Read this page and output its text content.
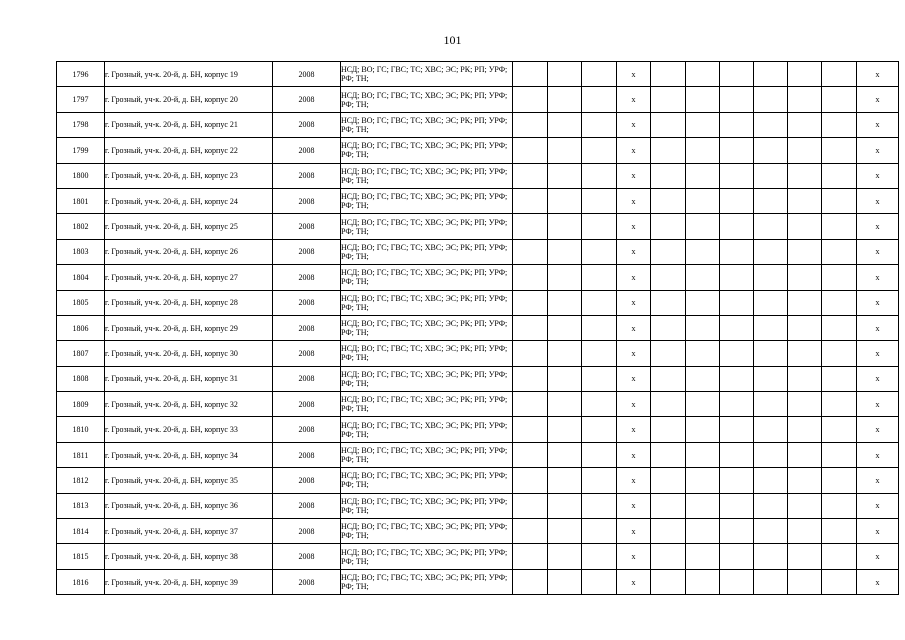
101
1796	г. Грозный, уч-к. 20-й, д. БН, корпус 19	2008	НСД; ВО; ГС; ГВС; ТС; ХВС; ЭС; РК; РП; УРФ; РФ; ТН;				х							х
1797	г. Грозный, уч-к. 20-й, д. БН, корпус 20	2008	НСД; ВО; ГС; ГВС; ТС; ХВС; ЭС; РК; РП; УРФ; РФ; ТН;				х							х
1798	г. Грозный, уч-к. 20-й, д. БН, корпус 21	2008	НСД; ВО; ГС; ГВС; ТС; ХВС; ЭС; РК; РП; УРФ; РФ; ТН;				х							х
1799	г. Грозный, уч-к. 20-й, д. БН, корпус 22	2008	НСД; ВО; ГС; ГВС; ТС; ХВС; ЭС; РК; РП; УРФ; РФ; ТН;				х							х
1800	г. Грозный, уч-к. 20-й, д. БН, корпус 23	2008	НСД; ВО; ГС; ГВС; ТС; ХВС; ЭС; РК; РП; УРФ; РФ; ТН;				х							х
1801	г. Грозный, уч-к. 20-й, д. БН, корпус 24	2008	НСД; ВО; ГС; ГВС; ТС; ХВС; ЭС; РК; РП; УРФ; РФ; ТН;				х							х
1802	г. Грозный, уч-к. 20-й, д. БН, корпус 25	2008	НСД; ВО; ГС; ГВС; ТС; ХВС; ЭС; РК; РП; УРФ; РФ; ТН;				х							х
1803	г. Грозный, уч-к. 20-й, д. БН, корпус 26	2008	НСД; ВО; ГС; ГВС; ТС; ХВС; ЭС; РК; РП; УРФ; РФ; ТН;				х							х
1804	г. Грозный, уч-к. 20-й, д. БН, корпус 27	2008	НСД; ВО; ГС; ГВС; ТС; ХВС; ЭС; РК; РП; УРФ; РФ; ТН;				х							х
1805	г. Грозный, уч-к. 20-й, д. БН, корпус 28	2008	НСД; ВО; ГС; ГВС; ТС; ХВС; ЭС; РК; РП; УРФ; РФ; ТН;				х							х
1806	г. Грозный, уч-к. 20-й, д. БН, корпус 29	2008	НСД; ВО; ГС; ГВС; ТС; ХВС; ЭС; РК; РП; УРФ; РФ; ТН;				х							х
1807	г. Грозный, уч-к. 20-й, д. БН, корпус 30	2008	НСД; ВО; ГС; ГВС; ТС; ХВС; ЭС; РК; РП; УРФ; РФ; ТН;				х							х
1808	г. Грозный, уч-к. 20-й, д. БН, корпус 31	2008	НСД; ВО; ГС; ГВС; ТС; ХВС; ЭС; РК; РП; УРФ; РФ; ТН;				х							х
1809	г. Грозный, уч-к. 20-й, д. БН, корпус 32	2008	НСД; ВО; ГС; ГВС; ТС; ХВС; ЭС; РК; РП; УРФ; РФ; ТН;				х							х
1810	г. Грозный, уч-к. 20-й, д. БН, корпус 33	2008	НСД; ВО; ГС; ГВС; ТС; ХВС; ЭС; РК; РП; УРФ; РФ; ТН;				х							х
1811	г. Грозный, уч-к. 20-й, д. БН, корпус 34	2008	НСД; ВО; ГС; ГВС; ТС; ХВС; ЭС; РК; РП; УРФ; РФ; ТН;				х							х
1812	г. Грозный, уч-к. 20-й, д. БН, корпус 35	2008	НСД; ВО; ГС; ГВС; ТС; ХВС; ЭС; РК; РП; УРФ; РФ; ТН;				х							х
1813	г. Грозный, уч-к. 20-й, д. БН, корпус 36	2008	НСД; ВО; ГС; ГВС; ТС; ХВС; ЭС; РК; РП; УРФ; РФ; ТН;				х							х
1814	г. Грозный, уч-к. 20-й, д. БН, корпус 37	2008	НСД; ВО; ГС; ГВС; ТС; ХВС; ЭС; РК; РП; УРФ; РФ; ТН;				х							х
1815	г. Грозный, уч-к. 20-й, д. БН, корпус 38	2008	НСД; ВО; ГС; ГВС; ТС; ХВС; ЭС; РК; РП; УРФ; РФ; ТН;				х							х
1816	г. Грозный, уч-к. 20-й, д. БН, корпус 39	2008	НСД; ВО; ГС; ГВС; ТС; ХВС; ЭС; РК; РП; УРФ; РФ; ТН;				х							х
